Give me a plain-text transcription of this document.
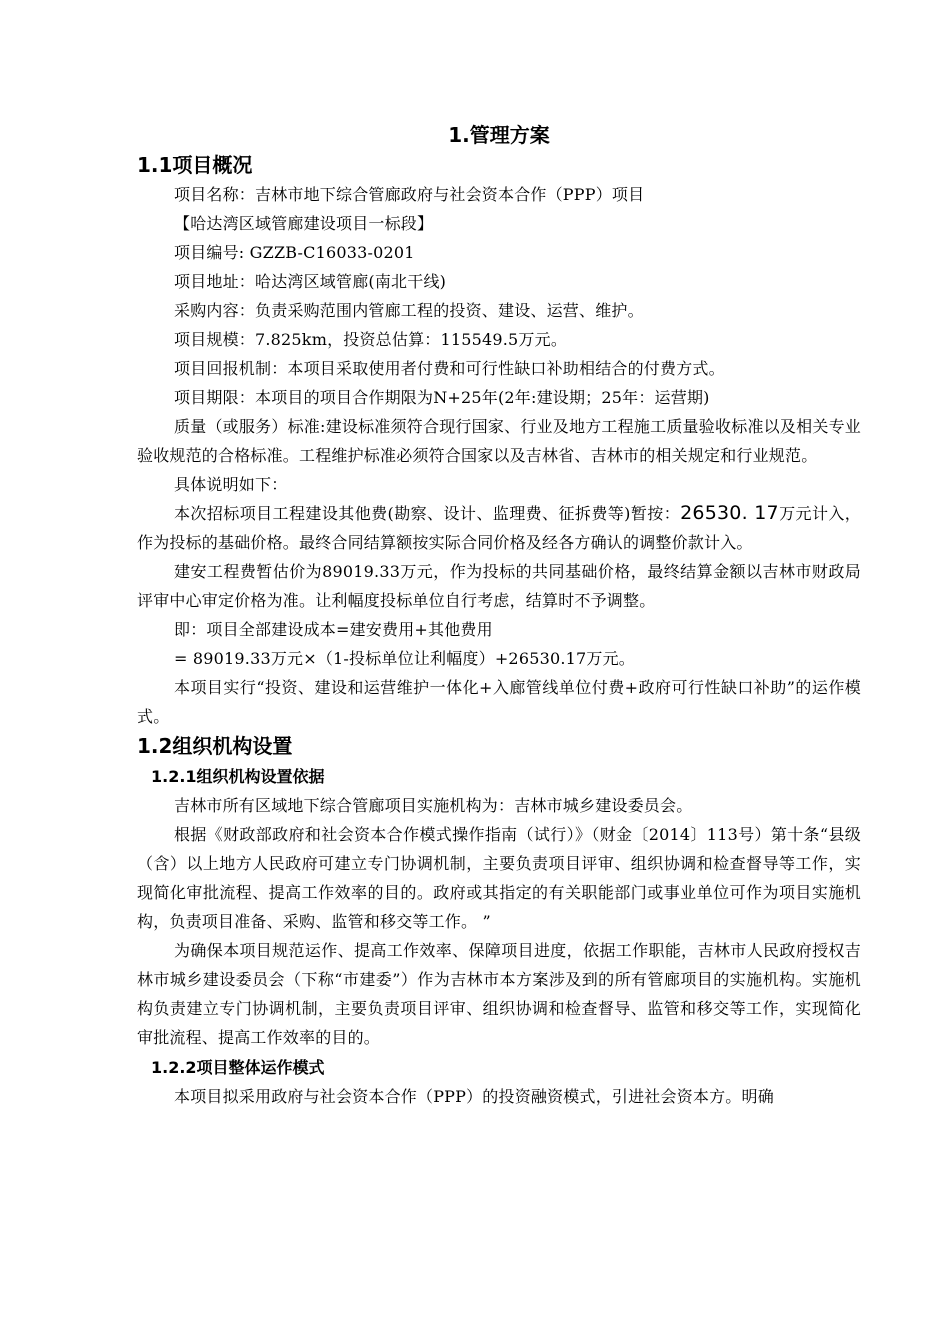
1.管理方案
1.1项目概况

项目名称：吉林市地下综合管廊政府与社会资本合作（PPP）项目

【哈达湾区域管廊建设项目一标段】

项目编号: GZZB-C16033-0201

项目地址：哈达湾区域管廊(南北干线)

采购内容：负责采购范围内管廊工程的投资、建设、运营、维护。

项目规模：7.825km，投资总估算：115549.5万元。

项目回报机制：本项目采取使用者付费和可行性缺口补助相结合的付费方式。

项目期限：本项目的项目合作期限为N+25年(2年:建设期；25年：运营期)

质量（或服务）标准:建设标准须符合现行国家、行业及地方工程施工质量验收标准以及相关专业验收规范的合格标准。工程维护标准必须符合国家以及吉林省、吉林市的相关规定和行业规范。

具体说明如下：

本次招标项目工程建设其他费(勘察、设计、监理费、征拆费等)暂按：26530. 17万元计入，作为投标的基础价格。最终合同结算额按实际合同价格及经各方确认的调整价款计入。

建安工程费暂估价为89019.33万元，作为投标的共同基础价格，最终结算金额以吉林市财政局评审中心审定价格为准。让利幅度投标单位自行考虑，结算时不予调整。

即：项目全部建设成本=建安费用+其他费用

= 89019.33万元×（1-投标单位让利幅度）+26530.17万元。

本项目实行“投资、建设和运营维护一体化+入廊管线单位付费+政府可行性缺口补助”的运作模式。

1.2组织机构设置
1.2.1组织机构设置依据

吉林市所有区域地下综合管廊项目实施机构为：吉林市城乡建设委员会。

根据《财政部政府和社会资本合作模式操作指南（试行）》（财金〔2014〕113号）第十条“县级（含）以上地方人民政府可建立专门协调机制，主要负责项目评审、组织协调和检查督导等工作，实现简化审批流程、提高工作效率的目的。政府或其指定的有关职能部门或事业单位可作为项目实施机构，负责项目准备、采购、监管和移交等工作。 ”

为确保本项目规范运作、提高工作效率、保障项目进度，依据工作职能，吉林市人民政府授权吉林市城乡建设委员会（下称“市建委”）作为吉林市本方案涉及到的所有管廊项目的实施机构。实施机构负责建立专门协调机制，主要负责项目评审、组织协调和检查督导、监管和移交等工作，实现简化审批流程、提高工作效率的目的。

1.2.2项目整体运作模式

本项目拟采用政府与社会资本合作（PPP）的投资融资模式，引进社会资本方。明确
